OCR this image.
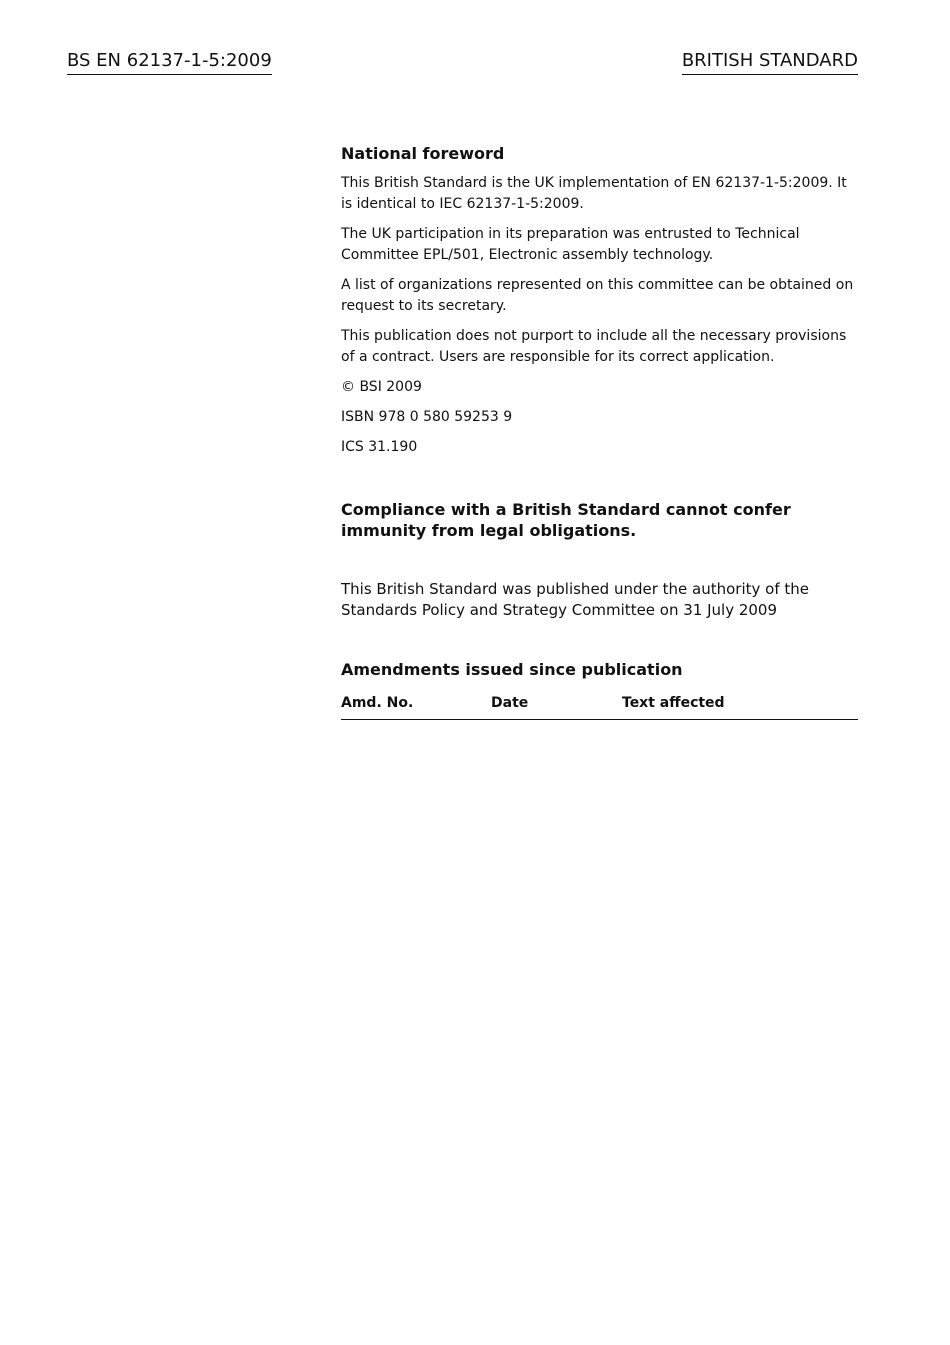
BS EN 62137-1-5:2009	BRITISH STANDARD
National foreword

This British Standard is the UK implementation of EN 62137-1-5:2009. It is identical to IEC 62137-1-5:2009.

The UK participation in its preparation was entrusted to Technical Committee EPL/501, Electronic assembly technology.

A list of organizations represented on this committee can be obtained on request to its secretary.

This publication does not purport to include all the necessary provisions of a contract. Users are responsible for its correct application.

© BSI 2009

ISBN 978 0 580 59253 9

ICS 31.190

Compliance with a British Standard cannot confer immunity from legal obligations.
This British Standard was published under the authority of the Standards Policy and Strategy Committee on 31 July 2009
Amendments issued since publication
Amd. No.	Date	Text affected
